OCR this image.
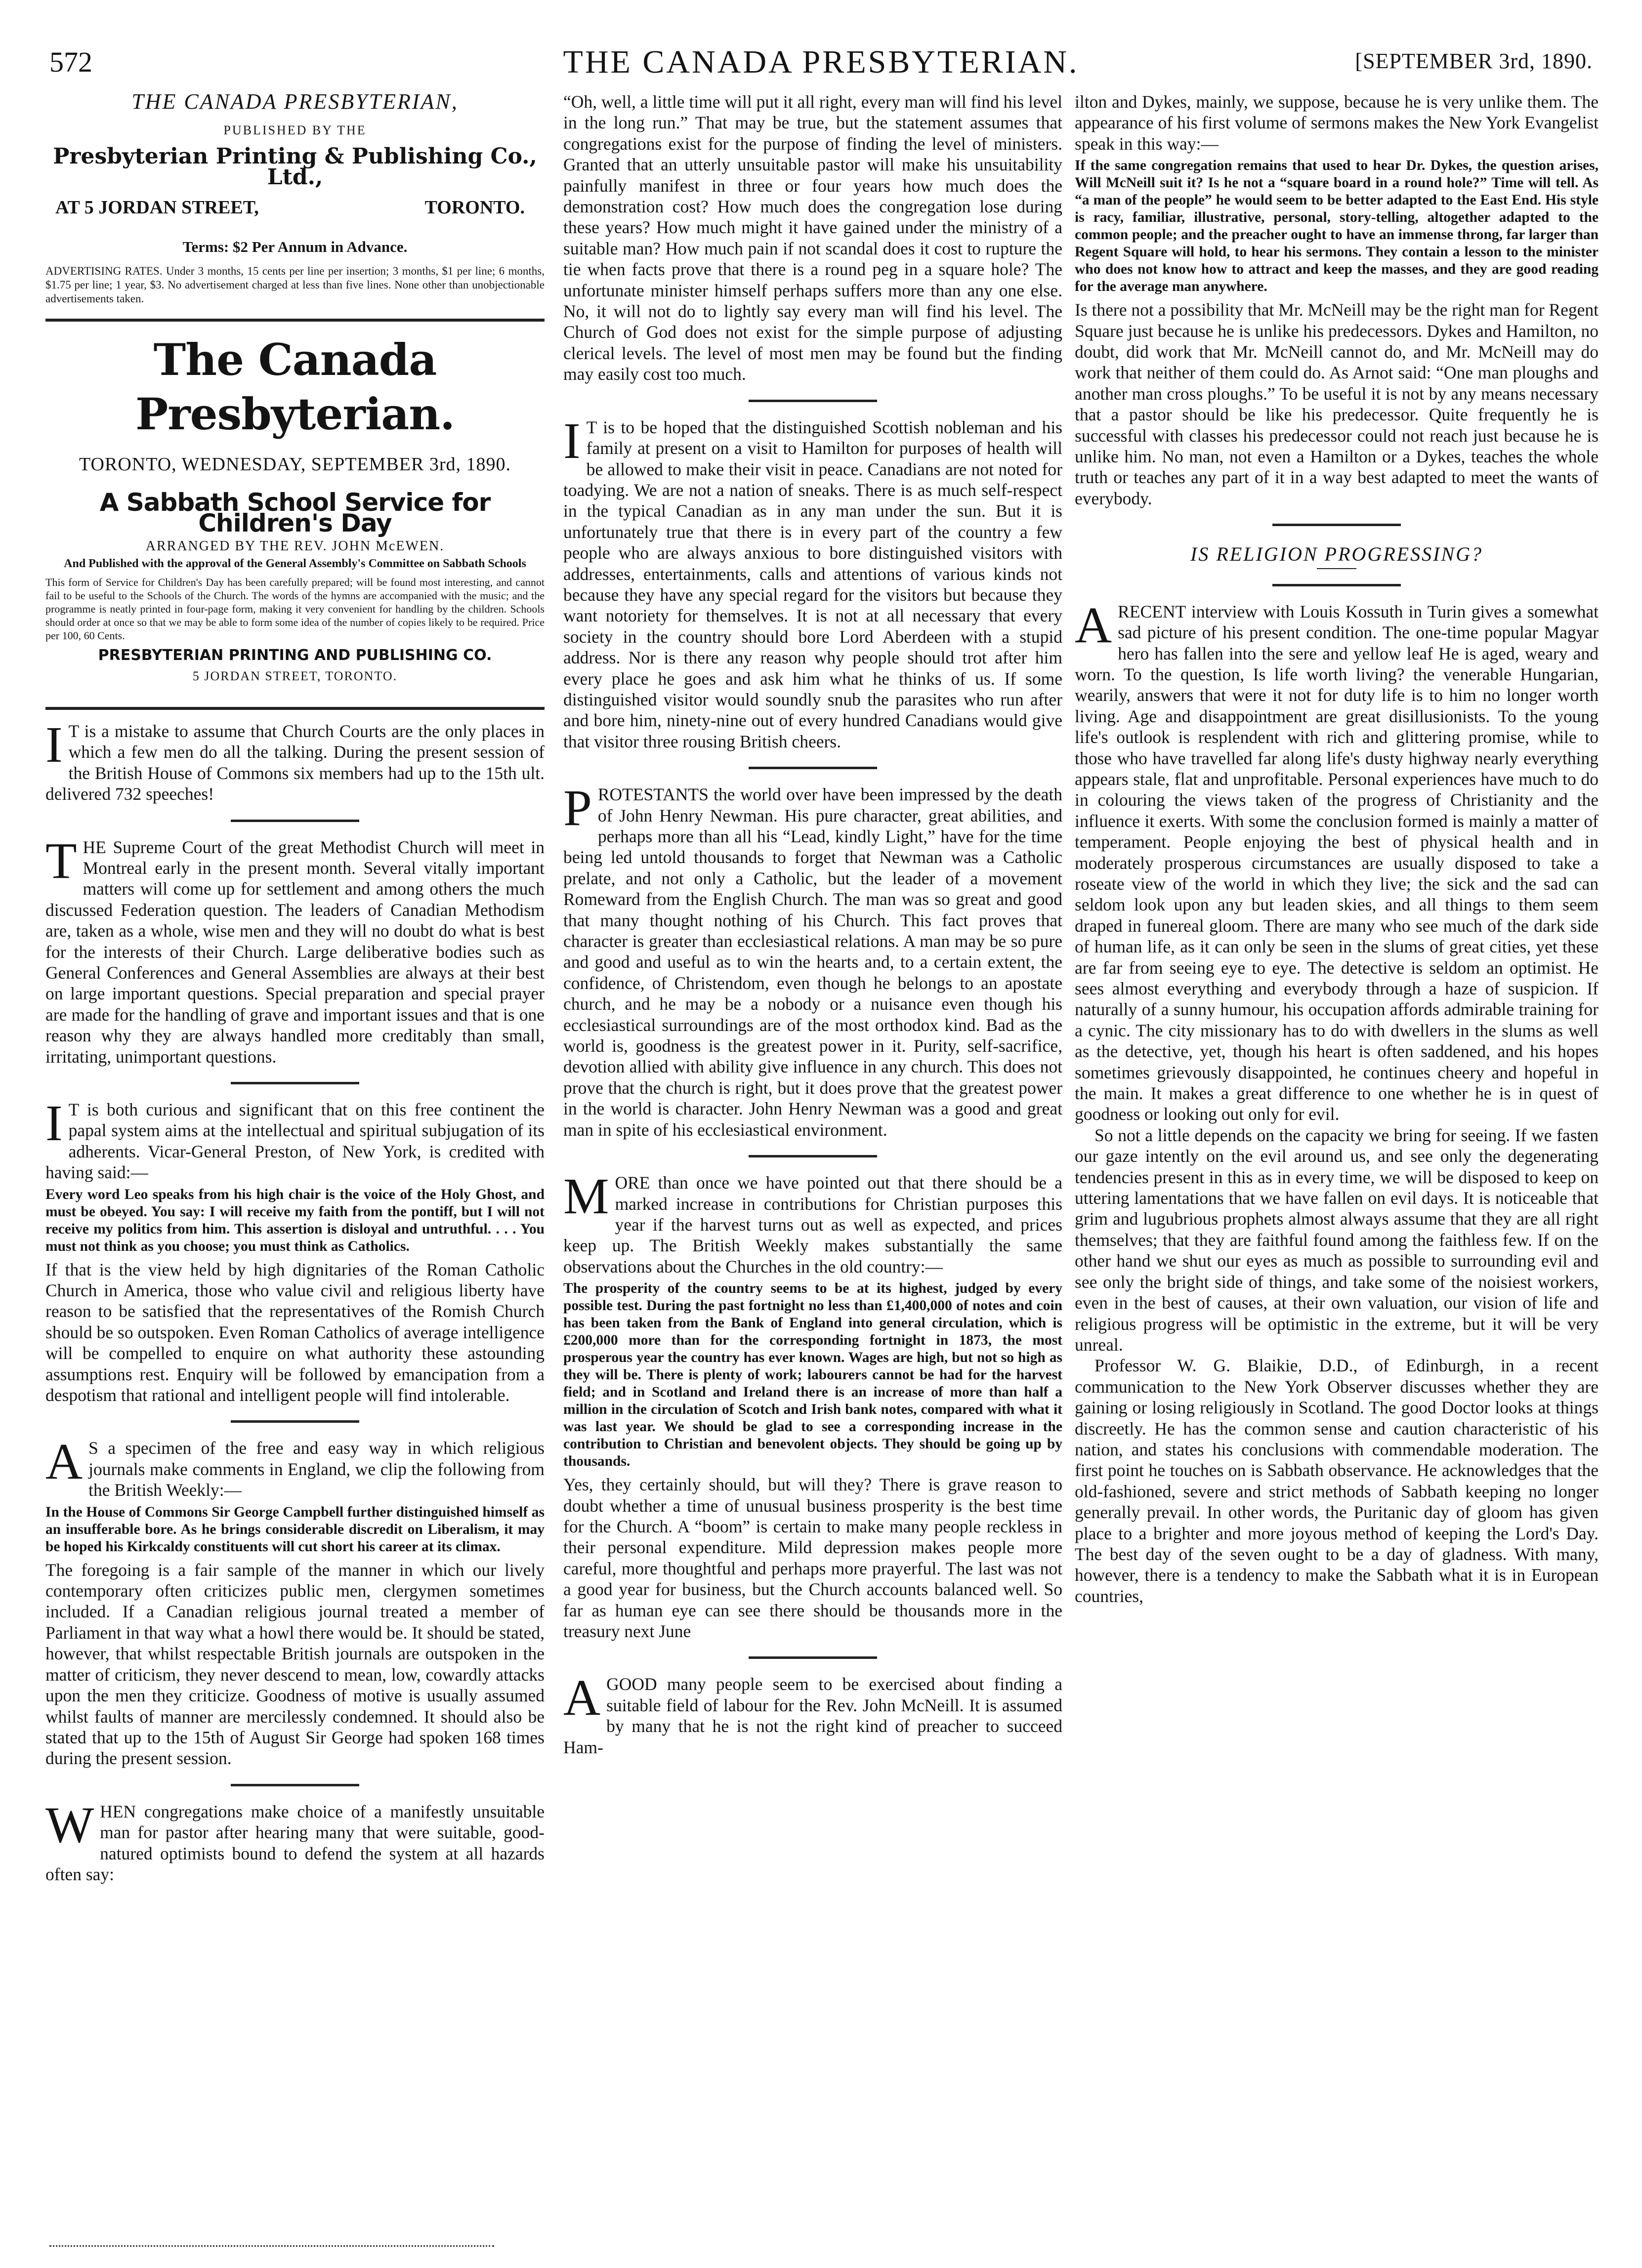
572	THE CANADA PRESBYTERIAN.	[SEPTEMBER 3rd, 1890.
THE CANADA PRESBYTERIAN,
PUBLISHED BY THE
Presbyterian Printing & Publishing Co., Ltd.,
AT 5 JORDAN STREET,	TORONTO.
Terms: $2 Per Annum in Advance.
ADVERTISING RATES. Under 3 months, 15 cents per line per insertion; 3 months, $1 per line; 6 months, $1.75 per line; 1 year, $3. No advertisement charged at less than five lines. None other than unobjectionable advertisements taken.
The Canada Presbyterian.
TORONTO, WEDNESDAY, SEPTEMBER 3rd, 1890.
A Sabbath School Service for Children's Day
ARRANGED BY THE REV. JOHN McEWEN.
And Published with the approval of the General Assembly's Committee on Sabbath Schools
This form of Service for Children's Day has been carefully prepared; will be found most interesting, and cannot fail to be useful to the Schools of the Church. The words of the hymns are accompanied with the music; and the programme is neatly printed in four-page form, making it very convenient for handling by the children. Schools should order at once so that we may be able to form some idea of the number of copies likely to be required. Price per 100, 60 Cents.
PRESBYTERIAN PRINTING AND PUBLISHING CO.
5 JORDAN STREET, TORONTO.

I T is a mistake to assume that Church Courts are the only places in which a few men do all the talking. During the present session of the British House of Commons six members had up to the 15th ult. delivered 732 speeches!

THE Supreme Court of the great Methodist Church will meet in Montreal early in the present month. Several vitally important matters will come up for settlement and among others the much discussed Federation question. The leaders of Canadian Methodism are, taken as a whole, wise men and they will no doubt do what is best for the interests of their Church. Large deliberative bodies such as General Conferences and General Assemblies are always at their best on large important questions. Special preparation and special prayer are made for the handling of grave and important issues and that is one reason why they are always handled more creditably than small, irritating, unimportant questions.

I T is both curious and significant that on this free continent the papal system aims at the intellectual and spiritual subjugation of its adherents. Vicar-General Preston, of New York, is credited with having said:—

Every word Leo speaks from his high chair is the voice of the Holy Ghost, and must be obeyed. You say: I will receive my faith from the pontiff, but I will not receive my politics from him. This assertion is disloyal and untruthful. . . . You must not think as you choose; you must think as Catholics.

If that is the view held by high dignitaries of the Roman Catholic Church in America, those who value civil and religious liberty have reason to be satisfied that the representatives of the Romish Church should be so outspoken. Even Roman Catholics of average intelligence will be compelled to enquire on what authority these astounding assumptions rest. Enquiry will be followed by emancipation from a despotism that rational and intelligent people will find intolerable.

A S a specimen of the free and easy way in which religious journals make comments in England, we clip the following from the British Weekly:—

In the House of Commons Sir George Campbell further distinguished himself as an insufferable bore. As he brings considerable discredit on Liberalism, it may be hoped his Kirkcaldy constituents will cut short his career at its climax.

The foregoing is a fair sample of the manner in which our lively contemporary often criticizes public men, clergymen sometimes included. If a Canadian religious journal treated a member of Parliament in that way what a howl there would be. It should be stated, however, that whilst respectable British journals are outspoken in the matter of criticism, they never descend to mean, low, cowardly attacks upon the men they criticize. Goodness of motive is usually assumed whilst faults of manner are mercilessly condemned. It should also be stated that up to the 15th of August Sir George had spoken 168 times during the present session.

WHEN congregations make choice of a manifestly unsuitable man for pastor after hearing many that were suitable, good-natured optimists bound to defend the system at all hazards often say:

“Oh, well, a little time will put it all right, every man will find his level in the long run.” That may be true, but the statement assumes that congregations exist for the purpose of finding the level of ministers. Granted that an utterly unsuitable pastor will make his unsuitability painfully manifest in three or four years how much does the demonstration cost? How much does the congregation lose during these years? How much might it have gained under the ministry of a suitable man? How much pain if not scandal does it cost to rupture the tie when facts prove that there is a round peg in a square hole? The unfortunate minister himself perhaps suffers more than any one else. No, it will not do to lightly say every man will find his level. The Church of God does not exist for the simple purpose of adjusting clerical levels. The level of most men may be found but the finding may easily cost too much.

I T is to be hoped that the distinguished Scottish nobleman and his family at present on a visit to Hamilton for purposes of health will be allowed to make their visit in peace. Canadians are not noted for toadying. We are not a nation of sneaks. There is as much self-respect in the typical Canadian as in any man under the sun. But it is unfortunately true that there is in every part of the country a few people who are always anxious to bore distinguished visitors with addresses, entertainments, calls and attentions of various kinds not because they have any special regard for the visitors but because they want notoriety for themselves. It is not at all necessary that every society in the country should bore Lord Aberdeen with a stupid address. Nor is there any reason why people should trot after him every place he goes and ask him what he thinks of us. If some distinguished visitor would soundly snub the parasites who run after and bore him, ninety-nine out of every hundred Canadians would give that visitor three rousing British cheers.

PROTESTANTS the world over have been impressed by the death of John Henry Newman. His pure character, great abilities, and perhaps more than all his “Lead, kindly Light,” have for the time being led untold thousands to forget that Newman was a Catholic prelate, and not only a Catholic, but the leader of a movement Romeward from the English Church. The man was so great and good that many thought nothing of his Church. This fact proves that character is greater than ecclesiastical relations. A man may be so pure and good and useful as to win the hearts and, to a certain extent, the confidence, of Christendom, even though he belongs to an apostate church, and he may be a nobody or a nuisance even though his ecclesiastical surroundings are of the most orthodox kind. Bad as the world is, goodness is the greatest power in it. Purity, self-sacrifice, devotion allied with ability give influence in any church. This does not prove that the church is right, but it does prove that the greatest power in the world is character. John Henry Newman was a good and great man in spite of his ecclesiastical environment.

MORE than once we have pointed out that there should be a marked increase in contributions for Christian purposes this year if the harvest turns out as well as expected, and prices keep up. The British Weekly makes substantially the same observations about the Churches in the old country:—

The prosperity of the country seems to be at its highest, judged by every possible test. During the past fortnight no less than £1,400,000 of notes and coin has been taken from the Bank of England into general circulation, which is £200,000 more than for the corresponding fortnight in 1873, the most prosperous year the country has ever known. Wages are high, but not so high as they will be. There is plenty of work; labourers cannot be had for the harvest field; and in Scotland and Ireland there is an increase of more than half a million in the circulation of Scotch and Irish bank notes, compared with what it was last year. We should be glad to see a corresponding increase in the contribution to Christian and benevolent objects. They should be going up by thousands.

Yes, they certainly should, but will they? There is grave reason to doubt whether a time of unusual business prosperity is the best time for the Church. A “boom” is certain to make many people reckless in their personal expenditure. Mild depression makes people more careful, more thoughtful and perhaps more prayerful. The last was not a good year for business, but the Church accounts balanced well. So far as human eye can see there should be thousands more in the treasury next June

AGOOD many people seem to be exercised about finding a suitable field of labour for the Rev. John McNeill. It is assumed by many that he is not the right kind of preacher to succeed Ham-

ilton and Dykes, mainly, we suppose, because he is very unlike them. The appearance of his first volume of sermons makes the New York Evangelist speak in this way:—

If the same congregation remains that used to hear Dr. Dykes, the question arises, Will McNeill suit it? Is he not a “square board in a round hole?” Time will tell. As “a man of the people” he would seem to be better adapted to the East End. His style is racy, familiar, illustrative, personal, story-telling, altogether adapted to the common people; and the preacher ought to have an immense throng, far larger than Regent Square will hold, to hear his sermons. They contain a lesson to the minister who does not know how to attract and keep the masses, and they are good reading for the average man anywhere.

Is there not a possibility that Mr. McNeill may be the right man for Regent Square just because he is unlike his predecessors. Dykes and Hamilton, no doubt, did work that Mr. McNeill cannot do, and Mr. McNeill may do work that neither of them could do. As Arnot said: “One man ploughs and another man cross ploughs.” To be useful it is not by any means necessary that a pastor should be like his predecessor. Quite frequently he is successful with classes his predecessor could not reach just because he is unlike him. No man, not even a Hamilton or a Dykes, teaches the whole truth or teaches any part of it in a way best adapted to meet the wants of everybody.

IS RELIGION PROGRESSING?

ARECENT interview with Louis Kossuth in Turin gives a somewhat sad picture of his present condition. The one-time popular Magyar hero has fallen into the sere and yellow leaf He is aged, weary and worn. To the question, Is life worth living? the venerable Hungarian, wearily, answers that were it not for duty life is to him no longer worth living. Age and disappointment are great disillusionists. To the young life's outlook is resplendent with rich and glittering promise, while to those who have travelled far along life's dusty highway nearly everything appears stale, flat and unprofitable. Personal experiences have much to do in colouring the views taken of the progress of Christianity and the influence it exerts. With some the conclusion formed is mainly a matter of temperament. People enjoying the best of physical health and in moderately prosperous circumstances are usually disposed to take a roseate view of the world in which they live; the sick and the sad can seldom look upon any but leaden skies, and all things to them seem draped in funereal gloom. There are many who see much of the dark side of human life, as it can only be seen in the slums of great cities, yet these are far from seeing eye to eye. The detective is seldom an optimist. He sees almost everything and everybody through a haze of suspicion. If naturally of a sunny humour, his occupation affords admirable training for a cynic. The city missionary has to do with dwellers in the slums as well as the detective, yet, though his heart is often saddened, and his hopes sometimes grievously disappointed, he continues cheery and hopeful in the main. It makes a great difference to one whether he is in quest of goodness or looking out only for evil.

So not a little depends on the capacity we bring for seeing. If we fasten our gaze intently on the evil around us, and see only the degenerating tendencies present in this as in every time, we will be disposed to keep on uttering lamentations that we have fallen on evil days. It is noticeable that grim and lugubrious prophets almost always assume that they are all right themselves; that they are faithful found among the faithless few. If on the other hand we shut our eyes as much as possible to surrounding evil and see only the bright side of things, and take some of the noisiest workers, even in the best of causes, at their own valuation, our vision of life and religious progress will be optimistic in the extreme, but it will be very unreal.

Professor W. G. Blaikie, D.D., of Edinburgh, in a recent communication to the New York Observer discusses whether they are gaining or losing religiously in Scotland. The good Doctor looks at things discreetly. He has the common sense and caution characteristic of his nation, and states his conclusions with commendable moderation. The first point he touches on is Sabbath observance. He acknowledges that the old-fashioned, severe and strict methods of Sabbath keeping no longer generally prevail. In other words, the Puritanic day of gloom has given place to a brighter and more joyous method of keeping the Lord's Day. The best day of the seven ought to be a day of gladness. With many, however, there is a tendency to make the Sabbath what it is in European countries,
